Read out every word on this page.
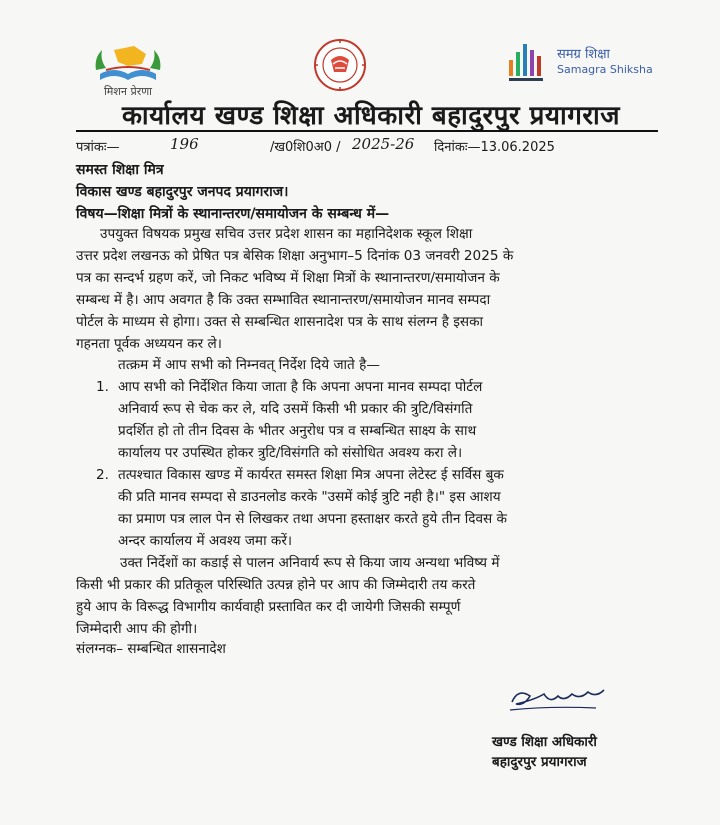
मिशन प्रेरणा
समग्र शिक्षा
Samagra Shiksha
कार्यालय खण्ड शिक्षा अधिकारी बहादुरपुर प्रयागराज
पत्रांकः—	196	/ख0शि0अ0 / 2025-26 दिनांकः—13.06.2025
समस्त शिक्षा मित्र
विकास खण्ड बहादुरपुर जनपद प्रयागराज।
विषय—शिक्षा मित्रों के स्थानान्तरण/समायोजन के सम्बन्ध में—
उपयुक्त विषयक प्रमुख सचिव उत्तर प्रदेश शासन का महानिदेशक स्कूल शिक्षा
उत्तर प्रदेश लखनऊ को प्रेषित पत्र बेसिक शिक्षा अनुभाग–5 दिनांक 03 जनवरी 2025 के
पत्र का सन्दर्भ ग्रहण करें, जो निकट भविष्य में शिक्षा मित्रों के स्थानान्तरण/समायोजन के
सम्बन्ध में है। आप अवगत है कि उक्त सम्भावित स्थानान्तरण/समायोजन मानव सम्पदा
पोर्टल के माध्यम से होगा। उक्त से सम्बन्धित शासनादेश पत्र के साथ संलग्न है इसका
गहनता पूर्वक अध्ययन कर ले।
तत्क्रम में आप सभी को निम्नवत् निर्देश दिये जाते है—
1. आप सभी को निर्देशित किया जाता है कि अपना अपना मानव सम्पदा पोर्टल
अनिवार्य रूप से चेक कर ले, यदि उसमें किसी भी प्रकार की त्रुटि/विसंगति
प्रदर्शित हो तो तीन दिवस के भीतर अनुरोध पत्र व सम्बन्धित साक्ष्य के साथ
कार्यालय पर उपस्थित होकर त्रुटि/विसंगति को संसोधित अवश्य करा ले।
2. तत्पश्चात विकास खण्ड में कार्यरत समस्त शिक्षा मित्र अपना लेटेस्ट ई सर्विस बुक
की प्रति मानव सम्पदा से डाउनलोड करके "उसमें कोई त्रुटि नही है।" इस आशय
का प्रमाण पत्र लाल पेन से लिखकर तथा अपना हस्ताक्षर करते हुये तीन दिवस के
अन्दर कार्यालय में अवश्य जमा करें।
उक्त निर्देशों का कडाई से पालन अनिवार्य रूप से किया जाय अन्यथा भविष्य में
किसी भी प्रकार की प्रतिकूल परिस्थिति उत्पन्न होने पर आप की जिम्मेदारी तय करते
हुये आप के विरूद्ध विभागीय कार्यवाही प्रस्तावित कर दी जायेगी जिसकी सम्पूर्ण
जिम्मेदारी आप की होगी।
संलग्नक– सम्बन्धित शासनादेश
खण्ड शिक्षा अधिकारी
बहादुरपुर प्रयागराज
